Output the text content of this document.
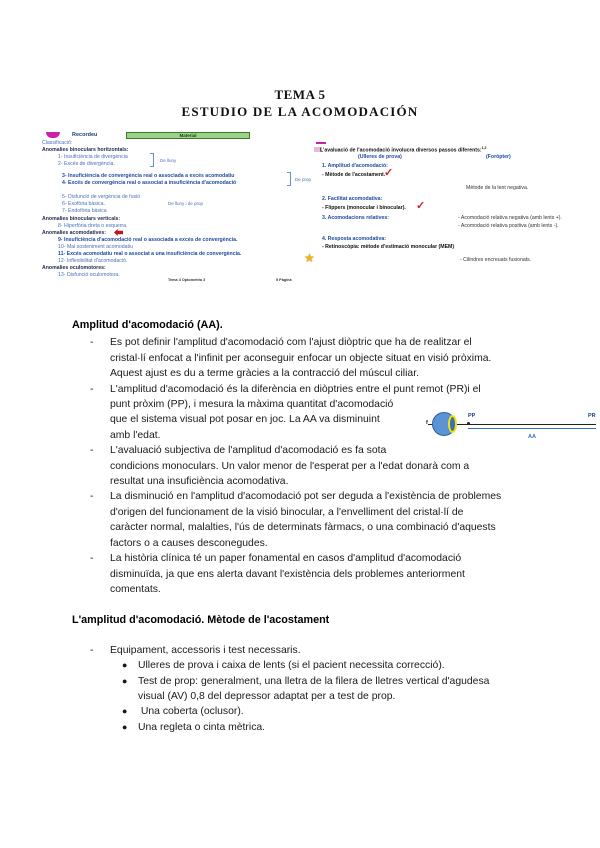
TEMA 5
ESTUDIO DE LA ACOMODACIÓN
Recordeu	Material
Classificació:
Anomalies binoculars horitzontals:
1- Insuficiència de divergència
2- Excés de divergència.
De lluny
3- Insuficiència de convergència real o associada a excés acomodatiu
4- Excés de convergència real o associat a insuficiència d'acomodació
De prop
5- Disfunció de vergència de fusió
6- Exofòria bàsica.
7- Endofòria bàsica
De lluny i de prop
Anomalies binoculars verticals:
8- Hiperfòria dreta o esquerra.
Anomalies acomodatives:
9- Insuficiència d'acomodació real o associada a excés de convergència.
10- Mal sosteniment acomodatiu
11- Excés acomodatiu real o associat a una insuficiència de convergència.
12- Inflexibilitat d'acomodació.
Anomalies oculomotores:
13- Disfunció oculomotora.
Tema 4 Optometria 3	5 Pàgina
L'avaluació de l'acomodació involucra diversos passos diferents:$^{1,2}$
(Ulleres de prova)	(Foròpter)
1. Amplitud d'acomodació:
- Mètode de l'acostament.
✓
Mètode de la lent negativa.
2. Facilitat acomodativa:
- Flippers (monocular i binocular). ✓
3. Acomodacions relatives:	- Acomodació relativa negativa (amb lents +).
- Acomodació relativa positiva (amb lents -).
4. Resposta acomodativa:
- Retinoscòpia: mètode d'estimació monocular (MEM)
★	- Cilindres encreuats fusionats.
Amplitud d'acomodació (AA).
- Es pot definir l'amplitud d'acomodació com l'ajust diòptric que ha de realitzar el
cristal·lí enfocat a l'infinit per aconseguir enfocar un objecte situat en visió pròxima.
Aquest ajust es du a terme gràcies a la contracció del múscul ciliar.
- L'amplitud d'acomodació és la diferència en diòptries entre el punt remot (PR)i el
punt pròxim (PP), i mesura la màxima quantitat d'acomodació
que el sistema visual pot posar en joc. La AA va disminuint
amb l'edat.
- L'avaluació subjectiva de l'amplitud d'acomodació es fa sota
condicions monoculars. Un valor menor de l'esperat per a l'edat donarà com a
resultat una insuficiència acomodativa.
- La disminució en l'amplitud d'acomodació pot ser deguda a l'existència de problemes
d'origen del funcionament de la visió binocular, a l'envelliment del cristal·lí de
caràcter normal, malalties, l'ús de determinats fàrmacs, o una combinació d'aquests
factors o a causes desconegudes.
- La història clínica té un paper fonamental en casos d'amplitud d'acomodació
disminuïda, ja que ens alerta davant l'existència dels problemes anteriorment
comentats.
L'amplitud d'acomodació. Mètode de l'acostament
- Equipament, accessoris i test necessaris.
● Ulleres de prova i caixa de lents (si el pacient necessita correcció).
● Test de prop: generalment, una lletra de la filera de lletres vertical d'agudesa
visual (AV) 0,8 del depressor adaptat per a test de prop.
● Una coberta (oclusor).
● Una regleta o cinta mètrica.
f
PP	PR
AA
